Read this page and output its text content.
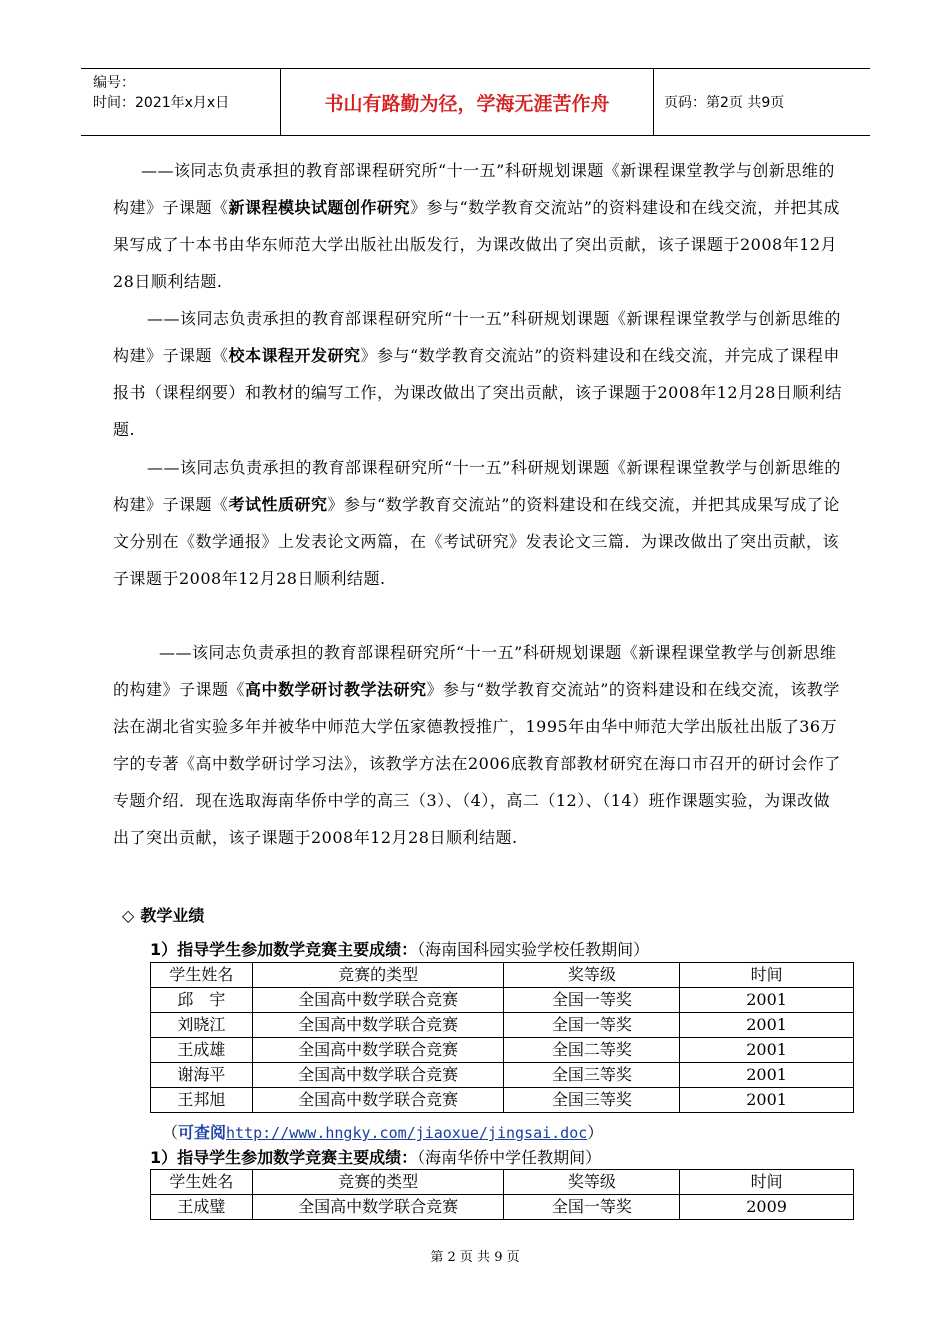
编号：
时间：2021年x月x日	书山有路勤为径，学海无涯苦作舟	页码：第2页 共9页

——该同志负责承担的教育部课程研究所“十一五”科研规划课题《新课程课堂教学与创新思维的构建》子课题《新课程模块试题创作研究》参与“数学教育交流站”的资料建设和在线交流，并把其成果写成了十本书由华东师范大学出版社出版发行，为课改做出了突出贡献，该子课题于2008年12月28日顺利结题.

——该同志负责承担的教育部课程研究所“十一五”科研规划课题《新课程课堂教学与创新思维的构建》子课题《校本课程开发研究》参与“数学教育交流站”的资料建设和在线交流，并完成了课程申报书（课程纲要）和教材的编写工作，为课改做出了突出贡献，该子课题于2008年12月28日顺利结题.

——该同志负责承担的教育部课程研究所“十一五”科研规划课题《新课程课堂教学与创新思维的构建》子课题《考试性质研究》参与“数学教育交流站”的资料建设和在线交流，并把其成果写成了论文分别在《数学通报》上发表论文两篇，在《考试研究》发表论文三篇．为课改做出了突出贡献，该子课题于2008年12月28日顺利结题.

——该同志负责承担的教育部课程研究所“十一五”科研规划课题《新课程课堂教学与创新思维的构建》子课题《高中数学研讨教学法研究》参与“数学教育交流站”的资料建设和在线交流，该教学法在湖北省实验多年并被华中师范大学伍家德教授推广，1995年由华中师范大学出版社出版了36万字的专著《高中数学研讨学习法》，该教学方法在2006底教育部教材研究在海口市召开的研讨会作了专题介绍．现在选取海南华侨中学的高三（3）、（4），高二（12）、（14）班作课题实验，为课改做出了突出贡献，该子课题于2008年12月28日顺利结题.

◇ 教学业绩
1）指导学生参加数学竞赛主要成绩：（海南国科园实验学校任教期间）
学生姓名	竞赛的类型	奖等级	时间
邱　宇	全国高中数学联合竞赛	全国一等奖	2001
刘晓江	全国高中数学联合竞赛	全国一等奖	2001
王成雄	全国高中数学联合竞赛	全国二等奖	2001
谢海平	全国高中数学联合竞赛	全国三等奖	2001
王邦旭	全国高中数学联合竞赛	全国三等奖	2001
（可查阅http://www.hngky.com/jiaoxue/jingsai.doc）
1）指导学生参加数学竞赛主要成绩：（海南华侨中学任教期间）
学生姓名	竞赛的类型	奖等级	时间
王成璧	全国高中数学联合竞赛	全国一等奖	2009
第 2 页 共 9 页
